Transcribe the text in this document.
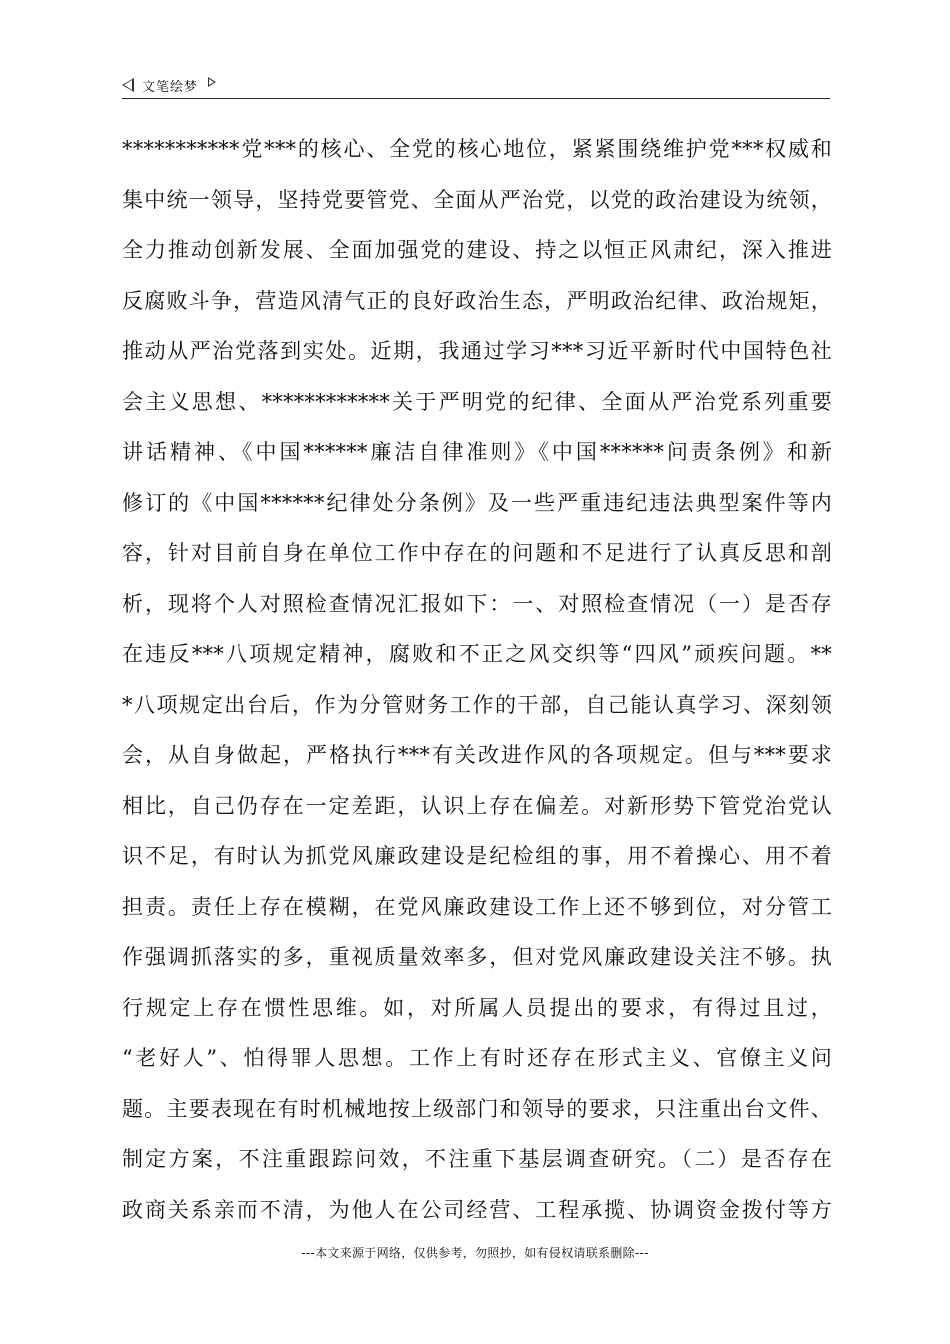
文笔绘梦
***********党***的核心、全党的核心地位，紧紧围绕维护党***权威和
集中统一领导，坚持党要管党、全面从严治党，以党的政治建设为统领，
全力推动创新发展、全面加强党的建设、持之以恒正风肃纪，深入推进
反腐败斗争，营造风清气正的良好政治生态，严明政治纪律、政治规矩，
推动从严治党落到实处。近期，我通过学习***习近平新时代中国特色社
会主义思想、************关于严明党的纪律、全面从严治党系列重要
讲话精神、《中国******廉洁自律准则》《中国******问责条例》和新
修订的《中国******纪律处分条例》及一些严重违纪违法典型案件等内
容，针对目前自身在单位工作中存在的问题和不足进行了认真反思和剖
析，现将个人对照检查情况汇报如下：一、对照检查情况（一）是否存
在违反***八项规定精神，腐败和不正之风交织等“四风”顽疾问题。**
*八项规定出台后，作为分管财务工作的干部，自己能认真学习、深刻领
会，从自身做起，严格执行***有关改进作风的各项规定。但与***要求
相比，自己仍存在一定差距，认识上存在偏差。对新形势下管党治党认
识不足，有时认为抓党风廉政建设是纪检组的事，用不着操心、用不着
担责。责任上存在模糊，在党风廉政建设工作上还不够到位，对分管工
作强调抓落实的多，重视质量效率多，但对党风廉政建设关注不够。执
行规定上存在惯性思维。如，对所属人员提出的要求，有得过且过，
“老好人”、怕得罪人思想。工作上有时还存在形式主义、官僚主义问
题。主要表现在有时机械地按上级部门和领导的要求，只注重出台文件、
制定方案，不注重跟踪问效，不注重下基层调查研究。（二）是否存在
政商关系亲而不清，为他人在公司经营、工程承揽、协调资金拨付等方
---本文来源于网络，仅供参考，勿照抄，如有侵权请联系删除---
